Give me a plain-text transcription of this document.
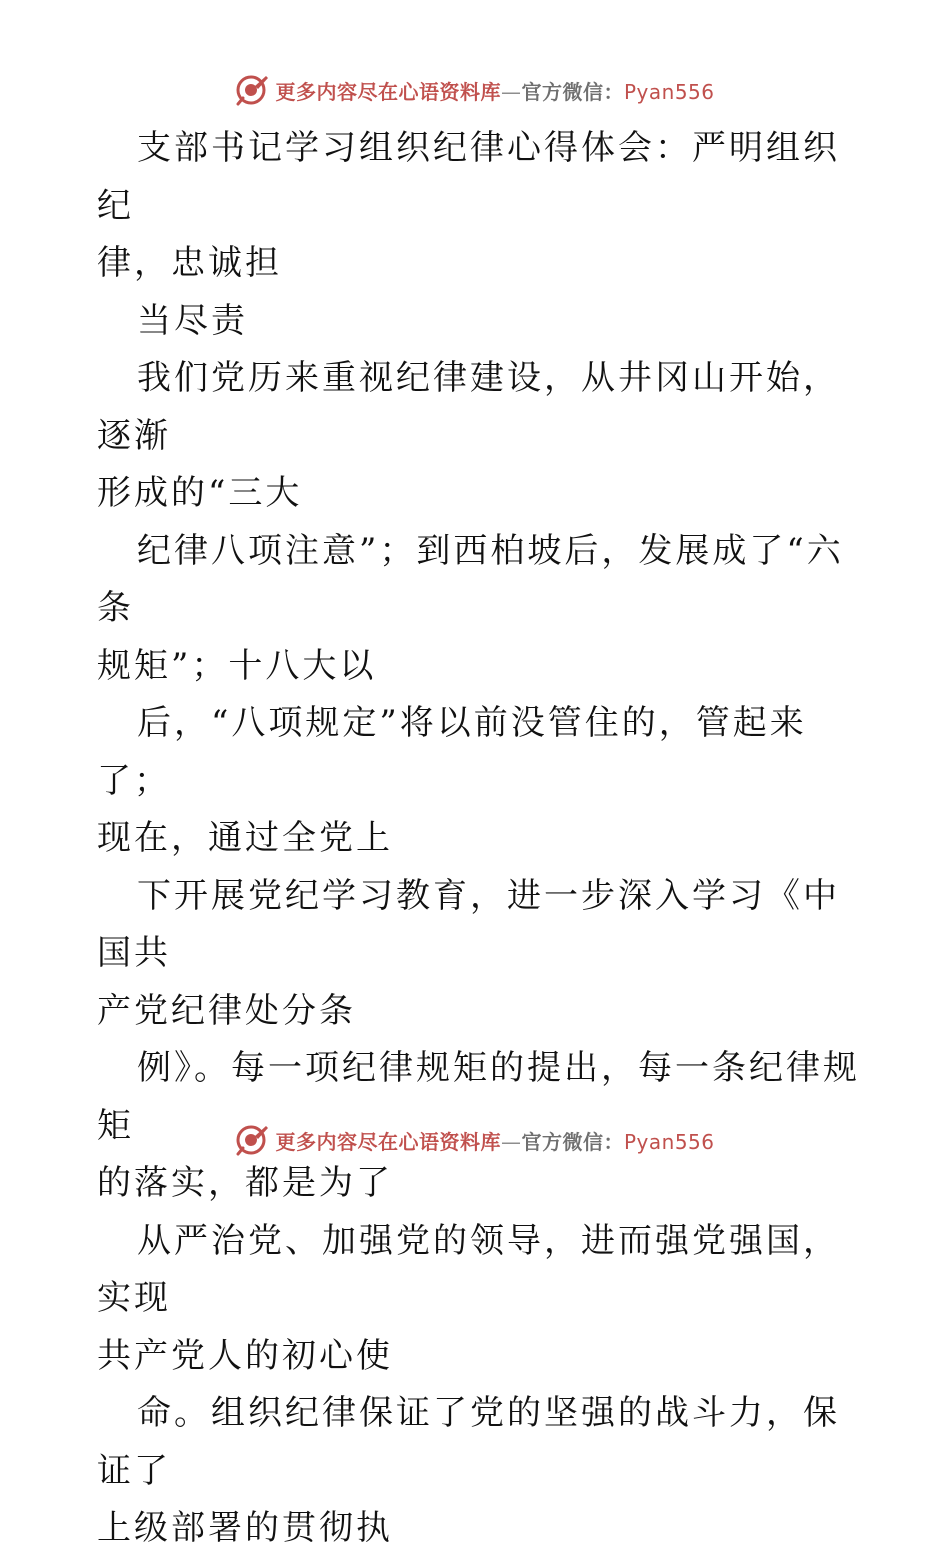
更多内容尽在心语资料库—官方微信：Pyan556

支部书记学习组织纪律心得体会：严明组织纪
律，忠诚担

当尽责

我们党历来重视纪律建设，从井冈山开始，逐渐
形成的“三大

纪律八项注意”；到西柏坡后，发展成了“六条
规矩”；十八大以

后，“八项规定”将以前没管住的，管起来了；
现在，通过全党上

下开展党纪学习教育，进一步深入学习《中国共
产党纪律处分条

例》。每一项纪律规矩的提出，每一条纪律规矩
的落实，都是为了

从严治党、加强党的领导，进而强党强国，实现
共产党人的初心使

命。组织纪律保证了党的坚强的战斗力，保证了
上级部署的贯彻执

更多内容尽在心语资料库—官方微信：Pyan556
